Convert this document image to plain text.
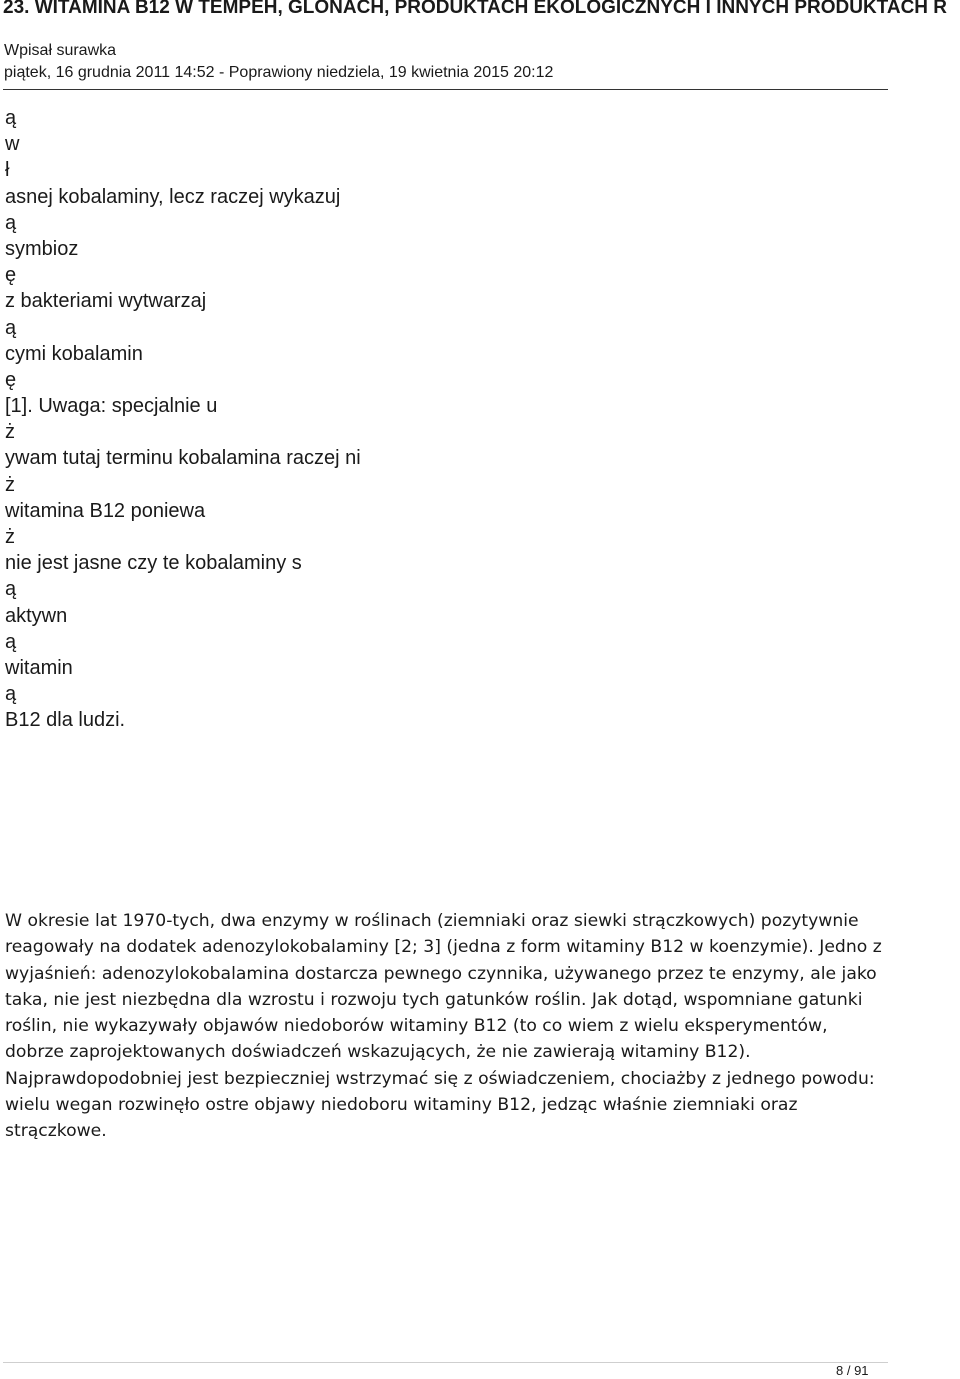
23. WITAMINA B12 W TEMPEH, GLONACH, PRODUKTACH EKOLOGICZNYCH I INNYCH PRODUKTACH R

Wpisał surawka

piątek, 16 grudnia 2011 14:52 - Poprawiony niedziela, 19 kwietnia 2015 20:12

ą
w
ł
asnej kobalaminy, lecz raczej wykazuj
ą
symbioz
ę
z bakteriami wytwarzaj
ą
cymi kobalamin
ę
[1]. Uwaga: specjalnie u
ż
ywam tutaj terminu kobalamina raczej ni
ż
witamina B12 poniewa
ż
nie jest jasne czy te kobalaminy s
ą
aktywn
ą
witamin
ą
B12 dla ludzi.

W okresie lat 1970-tych, dwa enzymy w roślinach (ziemniaki oraz siewki strączkowych) pozytywnie reagowały na dodatek adenozylokobalaminy [2; 3] (jedna z form witaminy B12 w koenzymie). Jedno z wyjaśnień: adenozylokobalamina dostarcza pewnego czynnika, używanego przez te enzymy, ale jako taka, nie jest niezbędna dla wzrostu i rozwoju tych gatunków roślin. Jak dotąd, wspomniane gatunki roślin, nie wykazywały objawów niedoborów witaminy B12 (to co wiem z wielu eksperymentów, dobrze zaprojektowanych doświadczeń wskazujących, że nie zawierają witaminy B12). Najprawdopodobniej jest bezpieczniej wstrzymać się z oświadczeniem, chociażby z jednego powodu: wielu wegan rozwinęło ostre objawy niedoboru witaminy B12, jedząc właśnie ziemniaki oraz strączkowe.

8 / 91
